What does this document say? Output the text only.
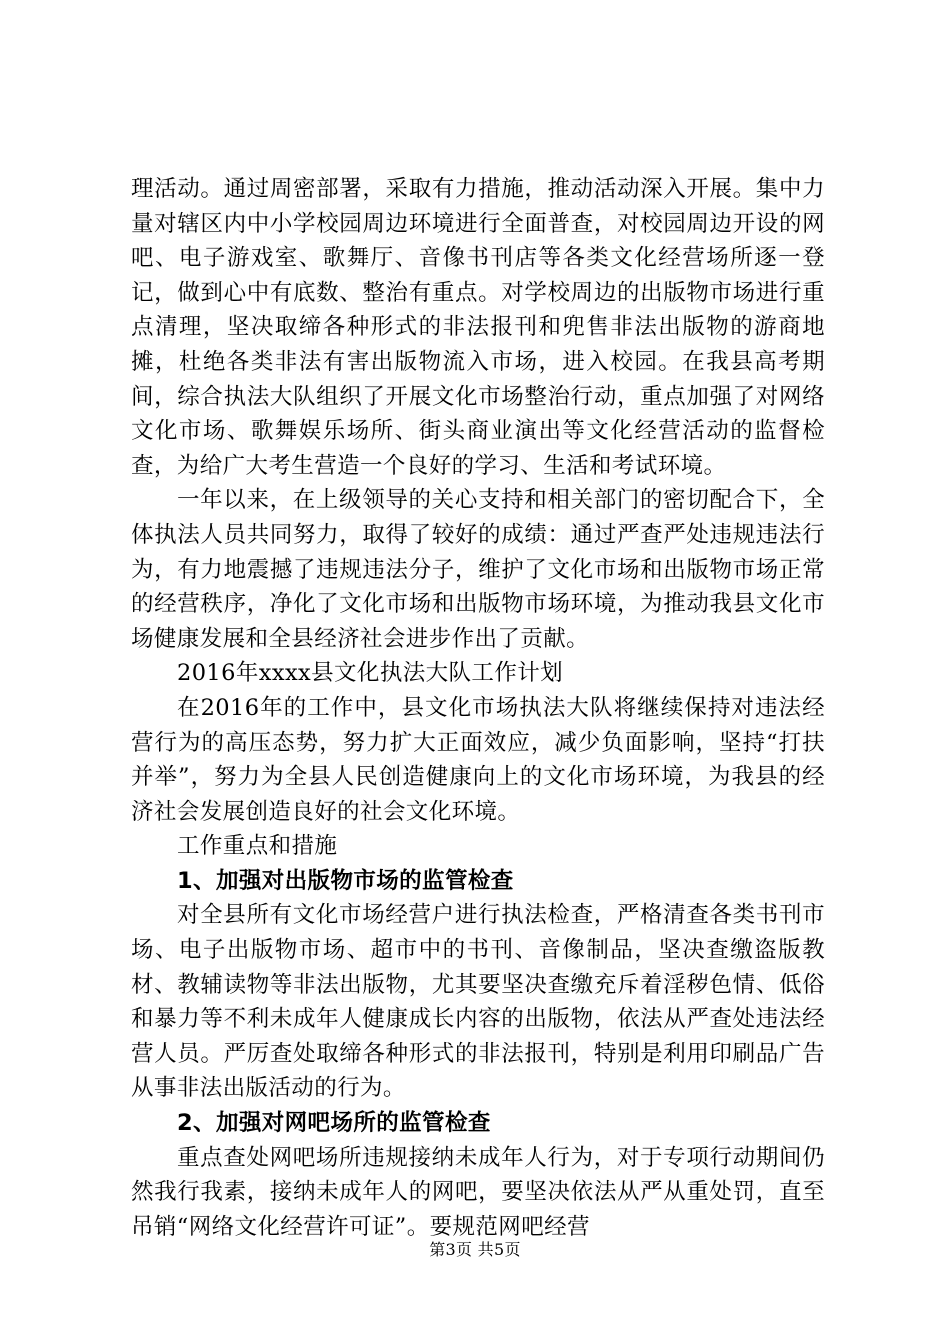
理活动。通过周密部署，采取有力措施，推动活动深入开展。集中力量对辖区内中小学校园周边环境进行全面普查，对校园周边开设的网吧、电子游戏室、歌舞厅、音像书刊店等各类文化经营场所逐一登记，做到心中有底数、整治有重点。对学校周边的出版物市场进行重点清理，坚决取缔各种形式的非法报刊和兜售非法出版物的游商地摊，杜绝各类非法有害出版物流入市场，进入校园。在我县高考期间，综合执法大队组织了开展文化市场整治行动，重点加强了对网络文化市场、歌舞娱乐场所、街头商业演出等文化经营活动的监督检查，为给广大考生营造一个良好的学习、生活和考试环境。

一年以来，在上级领导的关心支持和相关部门的密切配合下，全体执法人员共同努力，取得了较好的成绩：通过严查严处违规违法行为，有力地震撼了违规违法分子，维护了文化市场和出版物市场正常的经营秩序，净化了文化市场和出版物市场环境，为推动我县文化市场健康发展和全县经济社会进步作出了贡献。

2016年xxxx县文化执法大队工作计划

在2016年的工作中，县文化市场执法大队将继续保持对违法经营行为的高压态势，努力扩大正面效应，减少负面影响，坚持“打扶并举”，努力为全县人民创造健康向上的文化市场环境，为我县的经济社会发展创造良好的社会文化环境。

工作重点和措施

1、加强对出版物市场的监管检查

对全县所有文化市场经营户进行执法检查，严格清查各类书刊市场、电子出版物市场、超市中的书刊、音像制品，坚决查缴盗版教材、教辅读物等非法出版物，尤其要坚决查缴充斥着淫秽色情、低俗和暴力等不利未成年人健康成长内容的出版物，依法从严查处违法经营人员。严厉查处取缔各种形式的非法报刊，特别是利用印刷品广告从事非法出版活动的行为。

2、加强对网吧场所的监管检查

重点查处网吧场所违规接纳未成年人行为，对于专项行动期间仍然我行我素，接纳未成年人的网吧，要坚决依法从严从重处罚，直至吊销“网络文化经营许可证”。要规范网吧经营

第3页 共5页
